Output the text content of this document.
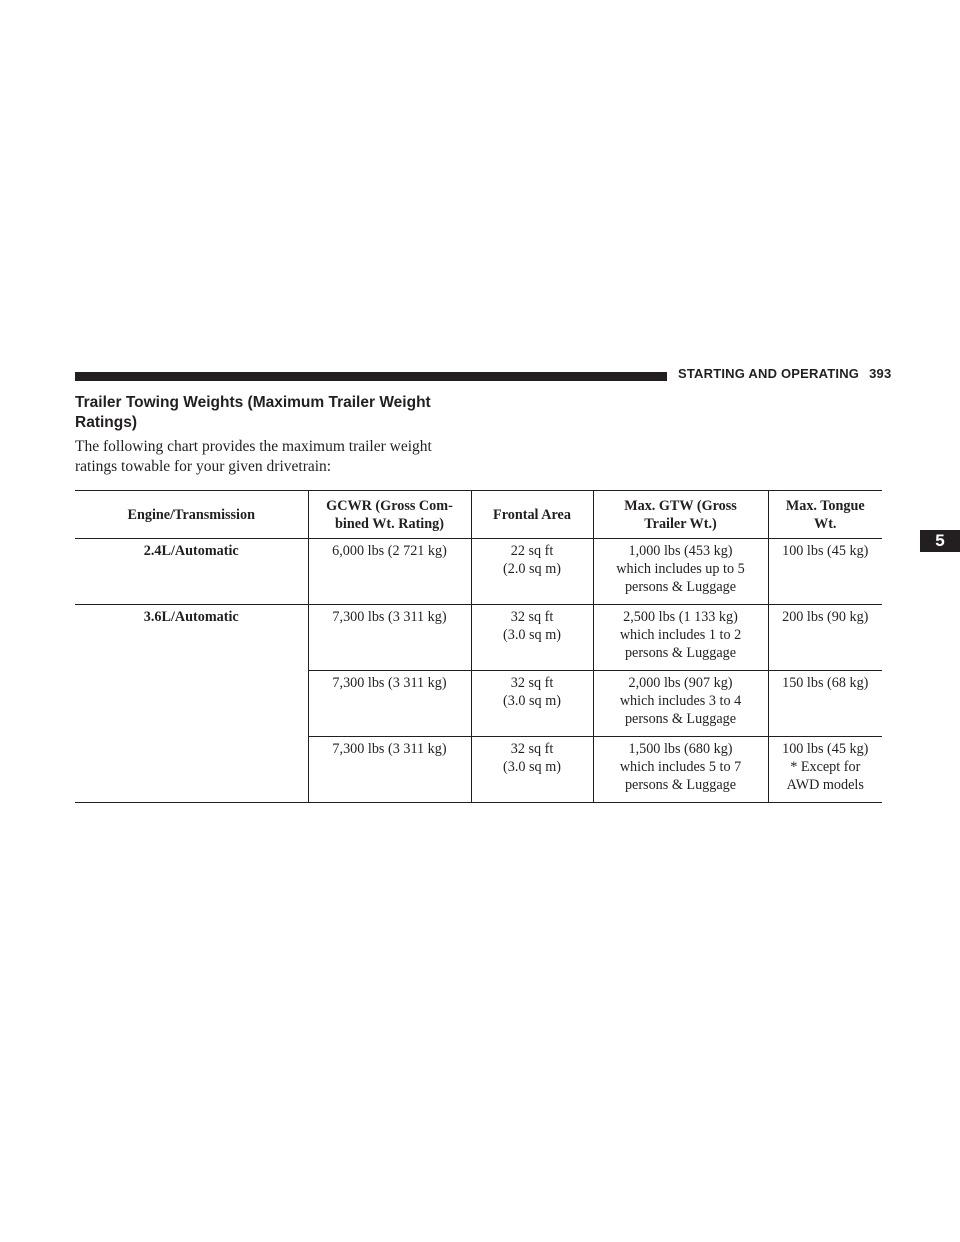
STARTING AND OPERATING 393
5
Trailer Towing Weights (Maximum Trailer Weight Ratings)

The following chart provides the maximum trailer weight ratings towable for your given drivetrain:

Engine/Transmission	GCWR (Gross Com-
bined Wt. Rating)	Frontal Area	Max. GTW (Gross
Trailer Wt.)	Max. Tongue
Wt.

2.4L/Automatic	6,000 lbs (2 721 kg)	22 sq ft
(2.0 sq m)	1,000 lbs (453 kg)
which includes up to 5
persons & Luggage	100 lbs (45 kg)

3.6L/Automatic	7,300 lbs (3 311 kg)	32 sq ft
(3.0 sq m)	2,500 lbs (1 133 kg)
which includes 1 to 2
persons & Luggage	200 lbs (90 kg)

	7,300 lbs (3 311 kg)	32 sq ft
(3.0 sq m)	2,000 lbs (907 kg)
which includes 3 to 4
persons & Luggage	150 lbs (68 kg)

	7,300 lbs (3 311 kg)	32 sq ft
(3.0 sq m)	1,500 lbs (680 kg)
which includes 5 to 7
persons & Luggage	100 lbs (45 kg)
* Except for
AWD models
